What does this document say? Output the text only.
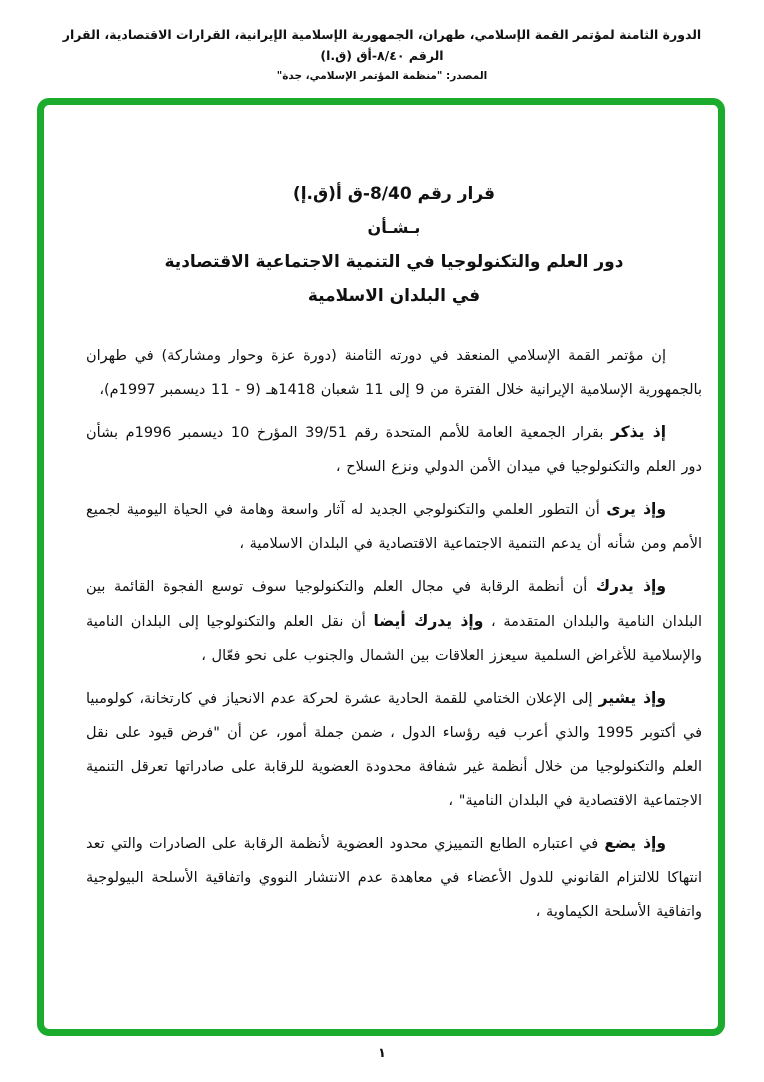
الدورة الثامنة لمؤتمر القمة الإسلامي، طهران، الجمهورية الإسلامية الإيرانية، القرارات الاقتصادية، القرار الرقم ٨/٤٠-أق (ق.ا)
المصدر: "منظمة المؤتمر الإسلامي، جدة"
قرار رقم 8/40-ق أ(ق.إ)
بـشـأن
دور العلم والتكنولوجيا في التنمية الاجتماعية الاقتصادية
في البلدان الاسلامية

إن مؤتمر القمة الإسلامي المنعقد في دورته الثامنة (دورة عزة وحوار ومشاركة) في طهران بالجمهورية الإسلامية الإيرانية خلال الفترة من 9 إلى 11 شعبان 1418هـ (9 - 11 ديسمبر 1997م)،

إذ يذكر بقرار الجمعية العامة للأمم المتحدة رقم 39/51 المؤرخ 10 ديسمبر 1996م بشأن دور العلم والتكنولوجيا في ميدان الأمن الدولي ونزع السلاح ،

وإذ يرى أن التطور العلمي والتكنولوجي الجديد له آثار واسعة وهامة في الحياة اليومية لجميع الأمم ومن شأنه أن يدعم التنمية الاجتماعية الاقتصادية في البلدان الاسلامية ،

وإذ يدرك أن أنظمة الرقابة في مجال العلم والتكنولوجيا سوف توسع الفجوة القائمة بين البلدان النامية والبلدان المتقدمة ، وإذ يدرك أيضا أن نقل العلم والتكنولوجيا إلى البلدان النامية والإسلامية للأغراض السلمية سيعزز العلاقات بين الشمال والجنوب على نحو فعّال ،

وإذ يشير إلى الإعلان الختامي للقمة الحادية عشرة لحركة عدم الانحياز في كارتخانة، كولومبيا في أكتوبر 1995 والذي أعرب فيه رؤساء الدول ، ضمن جملة أمور، عن أن "فرض قيود على نقل العلم والتكنولوجيا من خلال أنظمة غير شفافة محدودة العضوية للرقابة على صادراتها تعرقل التنمية الاجتماعية الاقتصادية في البلدان النامية" ،

وإذ يضع في اعتباره الطابع التمييزي محدود العضوية لأنظمة الرقابة على الصادرات والتي تعد انتهاكا للالتزام القانوني للدول الأعضاء في معاهدة عدم الانتشار النووي واتفاقية الأسلحة البيولوجية واتفاقية الأسلحة الكيماوية ،

١
